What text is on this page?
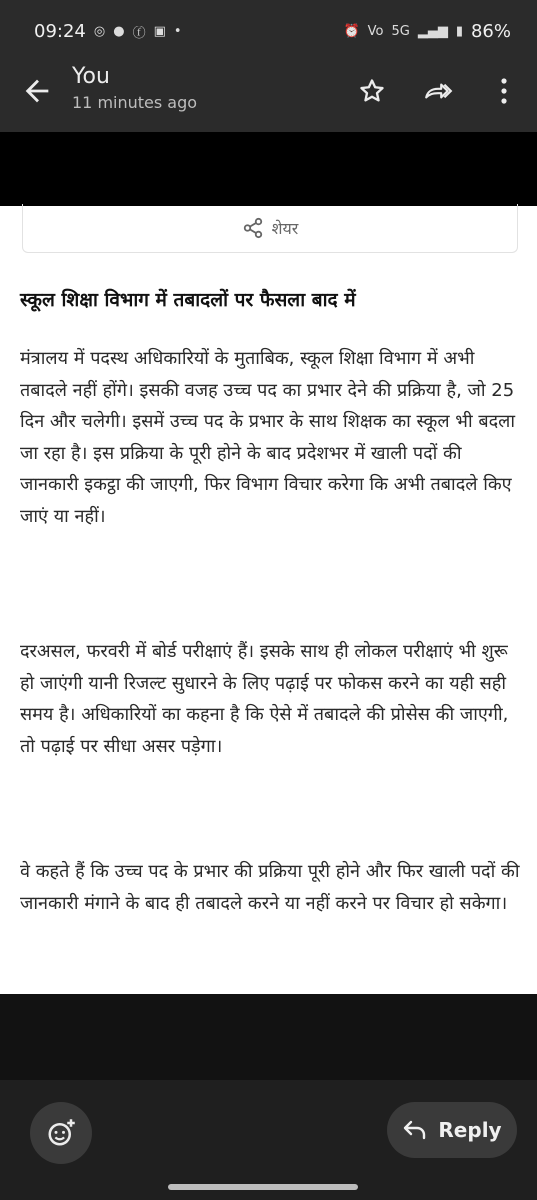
09:24 ◎ ● ⓕ ▣ •	⏰ Vo 5G ▂▄▆ ▮ 86%
You
11 minutes ago
शेयर
स्कूल शिक्षा विभाग में तबादलों पर फैसला बाद में
मंत्रालय में पदस्थ अधिकारियों के मुताबिक, स्कूल शिक्षा विभाग में अभी तबादले नहीं होंगे। इसकी वजह उच्च पद का प्रभार देने की प्रक्रिया है, जो 25 दिन और चलेगी। इसमें उच्च पद के प्रभार के साथ शिक्षक का स्कूल भी बदला जा रहा है। इस प्रक्रिया के पूरी होने के बाद प्रदेशभर में खाली पदों की जानकारी इकट्ठा की जाएगी, फिर विभाग विचार करेगा कि अभी तबादले किए जाएं या नहीं।
दरअसल, फरवरी में बोर्ड परीक्षाएं हैं। इसके साथ ही लोकल परीक्षाएं भी शुरू हो जाएंगी यानी रिजल्ट सुधारने के लिए पढ़ाई पर फोकस करने का यही सही समय है। अधिकारियों का कहना है कि ऐसे में तबादले की प्रोसेस की जाएगी, तो पढ़ाई पर सीधा असर पड़ेगा।
वे कहते हैं कि उच्च पद के प्रभार की प्रक्रिया पूरी होने और फिर खाली पदों की जानकारी मंगाने के बाद ही तबादले करने या नहीं करने पर विचार हो सकेगा।
Reply
